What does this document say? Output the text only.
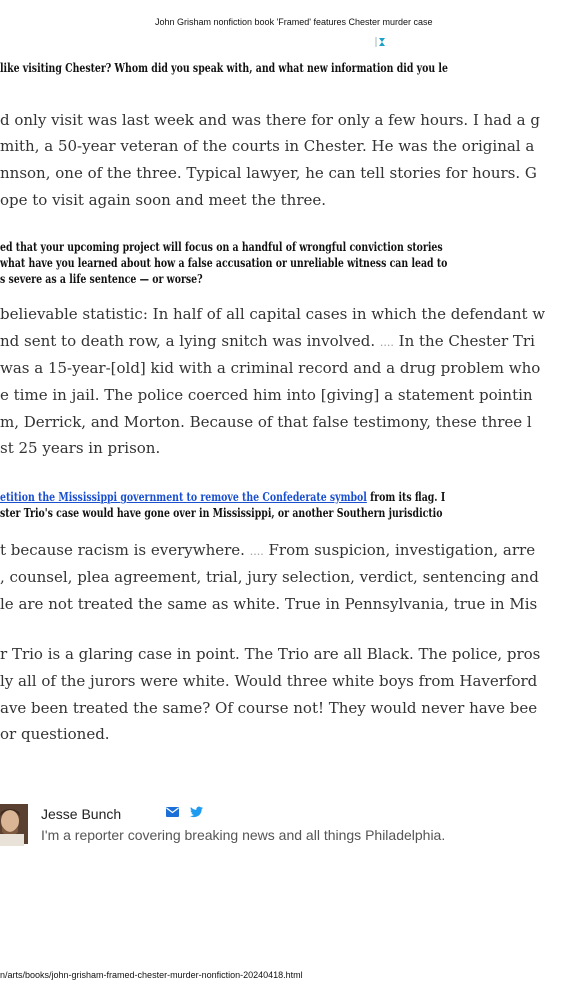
John Grisham nonfiction book 'Framed' features Chester murder case

like visiting Chester? Whom did you speak with, and what new information did you le

d only visit was last week and was there for only a few hours. I had a g

mith, a 50-year veteran of the courts in Chester. He was the original a

nnson, one of the three. Typical lawyer, he can tell stories for hours. G

ope to visit again soon and meet the three.

ed that your upcoming project will focus on a handful of wrongful conviction stories

what have you learned about how a false accusation or unreliable witness can lead to

s severe as a life sentence — or worse?

believable statistic: In half of all capital cases in which the defendant w

nd sent to death row, a lying snitch was involved. .... In the Chester Tri

was a 15-year-[old] kid with a criminal record and a drug problem who

e time in jail. The police coerced him into [giving] a statement pointin

m, Derrick, and Morton. Because of that false testimony, these three l

st 25 years in prison.

etition the Mississippi government to remove the Confederate symbol from its flag. I

ster Trio's case would have gone over in Mississippi, or another Southern jurisdictio

t because racism is everywhere. .... From suspicion, investigation, arre

, counsel, plea agreement, trial, jury selection, verdict, sentencing and

le are not treated the same as white. True in Pennsylvania, true in Mis

r Trio is a glaring case in point. The Trio are all Black. The police, pros

ly all of the jurors were white. Would three white boys from Haverford

ave been treated the same? Of course not! They would never have bee

or questioned.

Jesse Bunch
I'm a reporter covering breaking news and all things Philadelphia.
n/arts/books/john-grisham-framed-chester-murder-nonfiction-20240418.html
